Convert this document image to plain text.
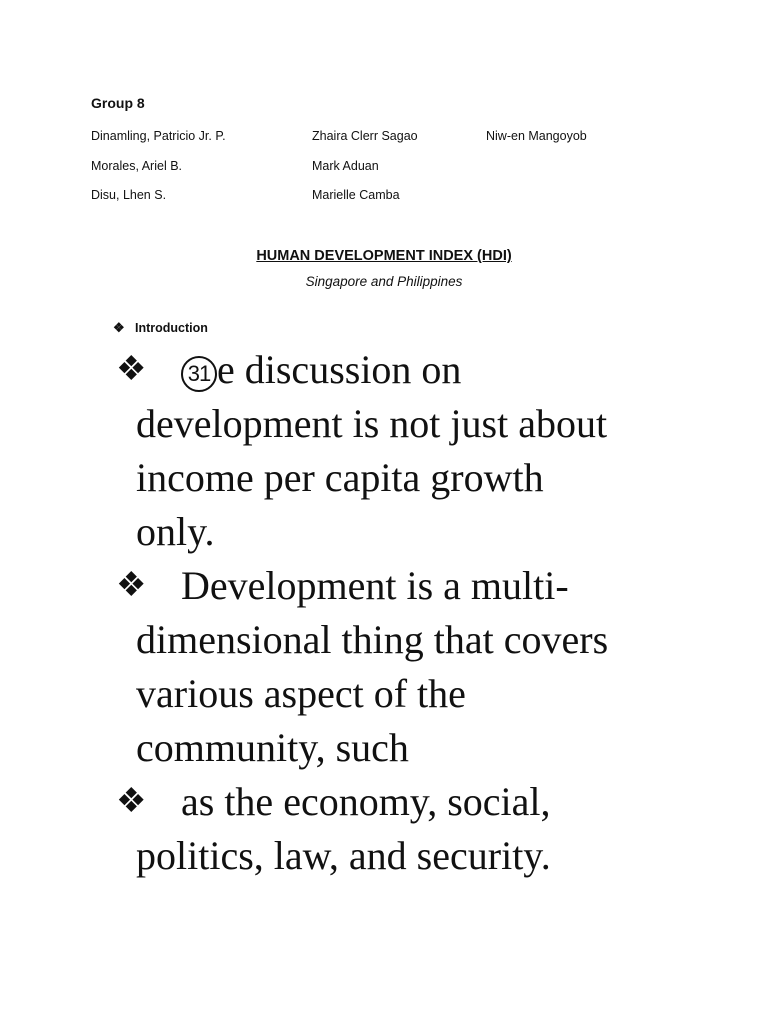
Group 8
Dinamling, Patricio Jr. P.	Zhaira Clerr Sagao	Niw-en Mangoyob
Morales, Ariel B.	Mark Aduan
Disu, Lhen S.	Marielle Camba
HUMAN DEVELOPMENT INDEX (HDI)
Singapore and Philippines
❖ Introduction
❖	31 e discussion on
development is not just about
income per capita growth
only.
❖ Development is a multi-
dimensional thing that covers
various aspect of the
community, such
❖ as the economy, social,
politics, law, and security.
